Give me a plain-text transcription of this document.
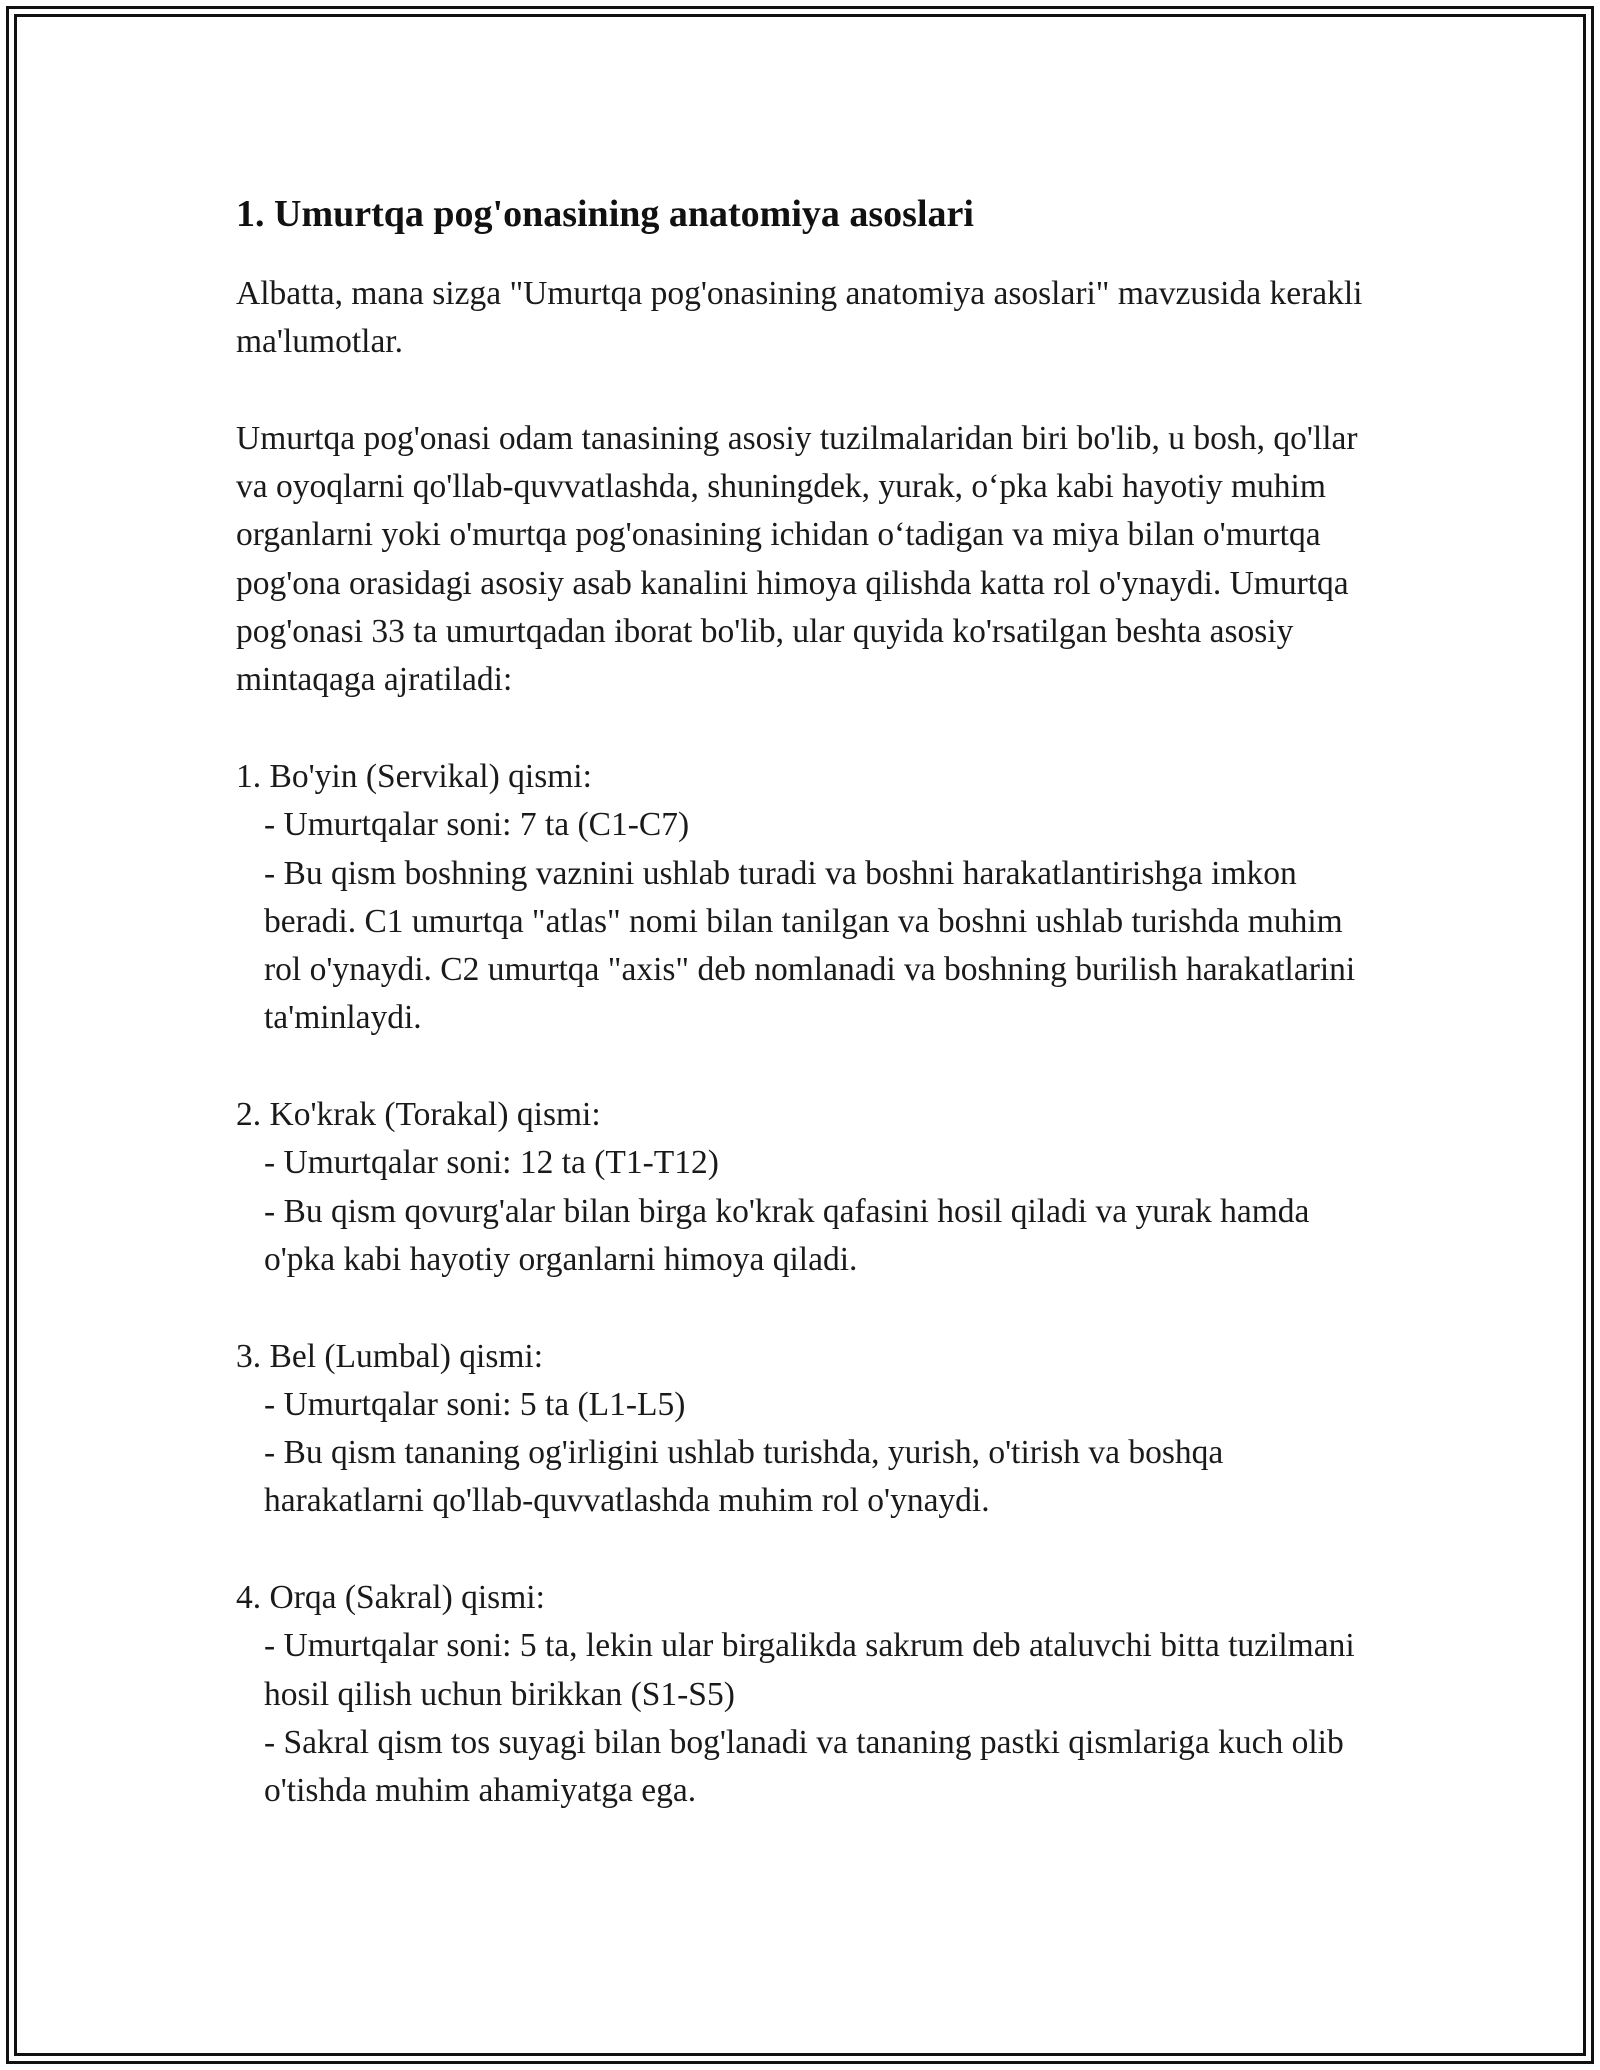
1. Umurtqa pog'onasining anatomiya asoslari

Albatta, mana sizga "Umurtqa pog'onasining anatomiya asoslari" mavzusida kerakli ma'lumotlar.

Umurtqa pog'onasi odam tanasining asosiy tuzilmalaridan biri bo'lib, u bosh, qo'llar va oyoqlarni qo'llab-quvvatlashda, shuningdek, yurak, o‘pka kabi hayotiy muhim organlarni yoki o'murtqa pog'onasining ichidan o‘tadigan va miya bilan o'murtqa pog'ona orasidagi asosiy asab kanalini himoya qilishda katta rol o'ynaydi. Umurtqa pog'onasi 33 ta umurtqadan iborat bo'lib, ular quyida ko'rsatilgan beshta asosiy mintaqaga ajratiladi:

1. Bo'yin (Servikal) qismi:
- Umurtqalar soni: 7 ta (C1-C7)
- Bu qism boshning vaznini ushlab turadi va boshni harakatlantirishga imkon beradi. C1 umurtqa "atlas" nomi bilan tanilgan va boshni ushlab turishda muhim rol o'ynaydi. C2 umurtqa "axis" deb nomlanadi va boshning burilish harakatlarini ta'minlaydi.

2. Ko'krak (Torakal) qismi:
- Umurtqalar soni: 12 ta (T1-T12)
- Bu qism qovurg'alar bilan birga ko'krak qafasini hosil qiladi va yurak hamda o'pka kabi hayotiy organlarni himoya qiladi.

3. Bel (Lumbal) qismi:
- Umurtqalar soni: 5 ta (L1-L5)
- Bu qism tananing og'irligini ushlab turishda, yurish, o'tirish va boshqa harakatlarni qo'llab-quvvatlashda muhim rol o'ynaydi.

4. Orqa (Sakral) qismi:
- Umurtqalar soni: 5 ta, lekin ular birgalikda sakrum deb ataluvchi bitta tuzilmani hosil qilish uchun birikkan (S1-S5)
- Sakral qism tos suyagi bilan bog'lanadi va tananing pastki qismlariga kuch olib o'tishda muhim ahamiyatga ega.
